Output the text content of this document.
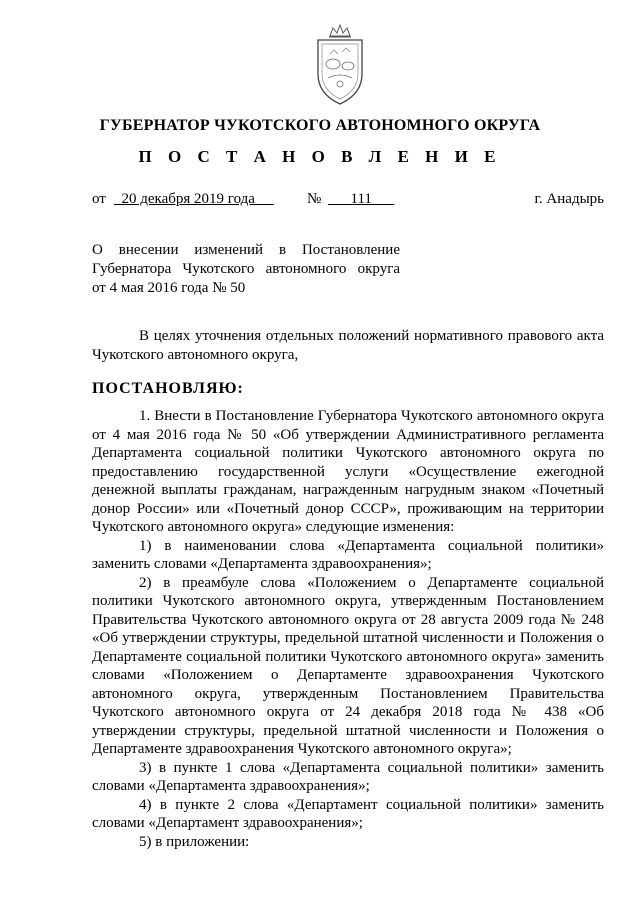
ГУБЕРНАТОР ЧУКОТСКОГО АВТОНОМНОГО ОКРУГА
П О С Т А Н О В Л Е Н И Е
от	20 декабря 2019 года	№	111	г. Анадырь
О внесении изменений в Постановление
Губернатора Чукотского автономного округа
от 4 мая 2016 года № 50
В целях уточнения отдельных положений нормативного правового акта Чукотского автономного округа,
ПОСТАНОВЛЯЮ:
1. Внести в Постановление Губернатора Чукотского автономного округа от 4 мая 2016 года № 50 «Об утверждении Административного регламента Департамента социальной политики Чукотского автономного округа по предоставлению государственной услуги «Осуществление ежегодной денежной выплаты гражданам, награжденным нагрудным знаком «Почетный донор России» или «Почетный донор СССР», проживающим на территории Чукотского автономного округа» следующие изменения:
1) в наименовании слова «Департамента социальной политики» заменить словами «Департамента здравоохранения»;
2) в преамбуле слова «Положением о Департаменте социальной политики Чукотского автономного округа, утвержденным Постановлением Правительства Чукотского автономного округа от 28 августа 2009 года № 248 «Об утверждении структуры, предельной штатной численности и Положения о Департаменте социальной политики Чукотского автономного округа» заменить словами «Положением о Департаменте здравоохранения Чукотского автономного округа, утвержденным Постановлением Правительства Чукотского автономного округа от 24 декабря 2018 года № 438 «Об утверждении структуры, предельной штатной численности и Положения о Департаменте здравоохранения Чукотского автономного округа»;
3) в пункте 1 слова «Департамента социальной политики» заменить словами «Департамента здравоохранения»;
4) в пункте 2 слова «Департамент социальной политики» заменить словами «Департамент здравоохранения»;
5) в приложении:
